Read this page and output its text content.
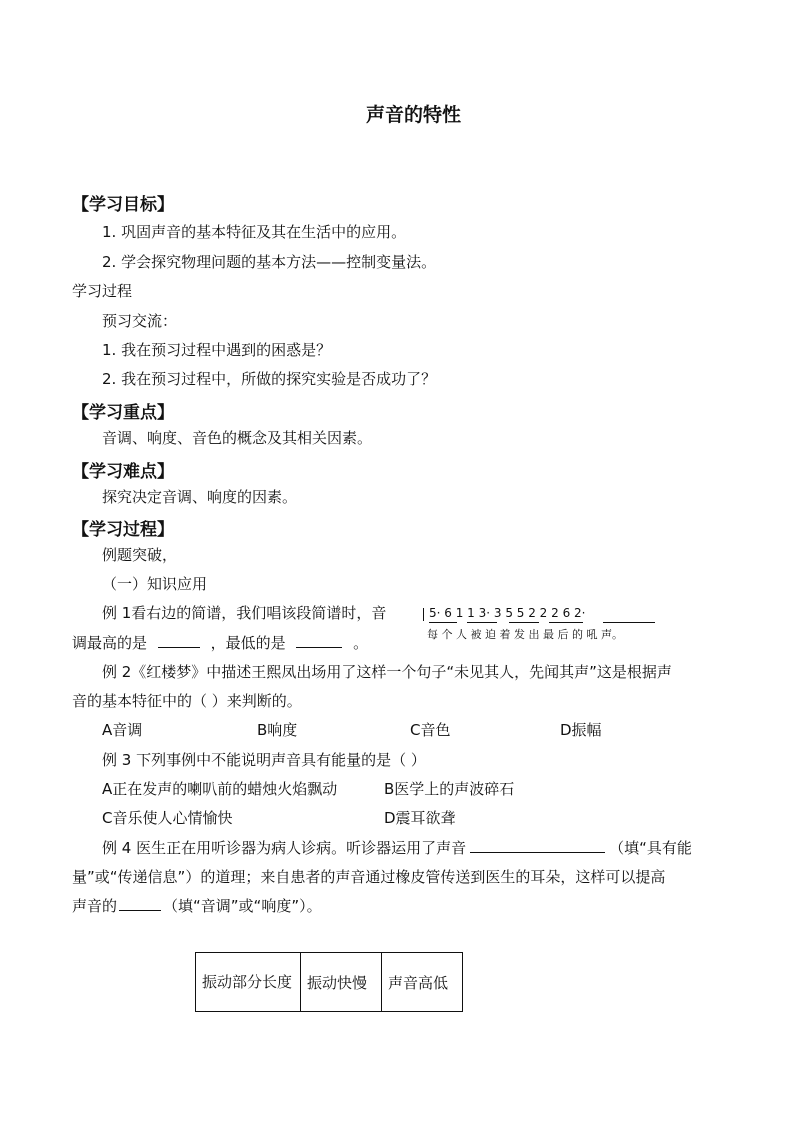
声音的特性
【学习目标】
1. 巩固声音的基本特征及其在生活中的应用。
2. 学会探究物理问题的基本方法——控制变量法。
学习过程
预习交流：
1. 我在预习过程中遇到的困惑是？
2. 我在预习过程中，所做的探究实验是否成功了？
【学习重点】
音调、响度、音色的概念及其相关因素。
【学习难点】
探究决定音调、响度的因素。
【学习过程】
例题突破，
（一）知识应用
例 1看右边的简谱，我们唱该段简谱时，音
调最高的是	，最低的是	。
5· 6 1 1 3· 3 5 5 2 2 2 6 2·
每 个 人 被 迫 着 发 出 最 后 的 吼 声。
例 2《红楼梦》中描述王熙凤出场用了这样一个句子“未见其人，先闻其声”这是根据声
音的基本特征中的（ ）来判断的。
A音调	B响度	C音色	D振幅
例 3 下列事例中不能说明声音具有能量的是（ ）
A正在发声的喇叭前的蜡烛火焰飘动	B医学上的声波碎石
C音乐使人心情愉快	D震耳欲聋
例 4 医生正在用听诊器为病人诊病。听诊器运用了声音	（填“具有能
量”或“传递信息”）的道理；来自患者的声音通过橡皮管传送到医生的耳朵，这样可以提高
声音的	（填“音调”或“响度”）。
振动部分长度	振动快慢	声音高低
